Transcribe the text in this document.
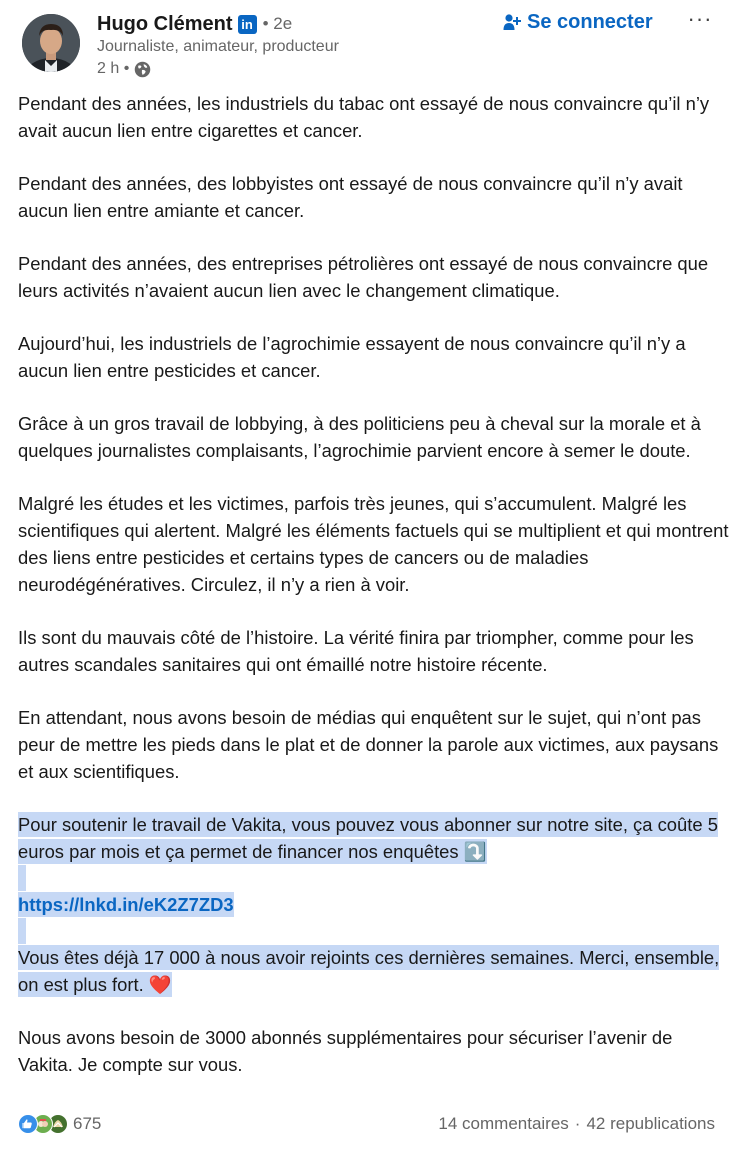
Hugo Clément in • 2e
Journaliste, animateur, producteur
2 h •
Se connecter ···

Pendant des années, les industriels du tabac ont essayé de nous convaincre qu’il n’y avait aucun lien entre cigarettes et cancer.

Pendant des années, des lobbyistes ont essayé de nous convaincre qu’il n’y avait aucun lien entre amiante et cancer.

Pendant des années, des entreprises pétrolières ont essayé de nous convaincre que leurs activités n’avaient aucun lien avec le changement climatique.

Aujourd’hui, les industriels de l’agrochimie essayent de nous convaincre qu’il n’y a aucun lien entre pesticides et cancer.

Grâce à un gros travail de lobbying, à des politiciens peu à cheval sur la morale et à quelques journalistes complaisants, l’agrochimie parvient encore à semer le doute.

Malgré les études et les victimes, parfois très jeunes, qui s’accumulent. Malgré les scientifiques qui alertent. Malgré les éléments factuels qui se multiplient et qui montrent des liens entre pesticides et certains types de cancers ou de maladies neurodégénératives. Circulez, il n’y a rien à voir.

Ils sont du mauvais côté de l’histoire. La vérité finira par triompher, comme pour les autres scandales sanitaires qui ont émaillé notre histoire récente.

En attendant, nous avons besoin de médias qui enquêtent sur le sujet, qui n’ont pas peur de mettre les pieds dans le plat et de donner la parole aux victimes, aux paysans et aux scientifiques.

Pour soutenir le travail de Vakita, vous pouvez vous abonner sur notre site, ça coûte 5 euros par mois et ça permet de financer nos enquêtes ⤵️

https://lnkd.in/eK2Z7ZD3

Vous êtes déjà 17 000 à nous avoir rejoints ces dernières semaines. Merci, ensemble, on est plus fort. ❤️

Nous avons besoin de 3000 abonnés supplémentaires pour sécuriser l’avenir de Vakita. Je compte sur vous.

675	14 commentaires · 42 republications
